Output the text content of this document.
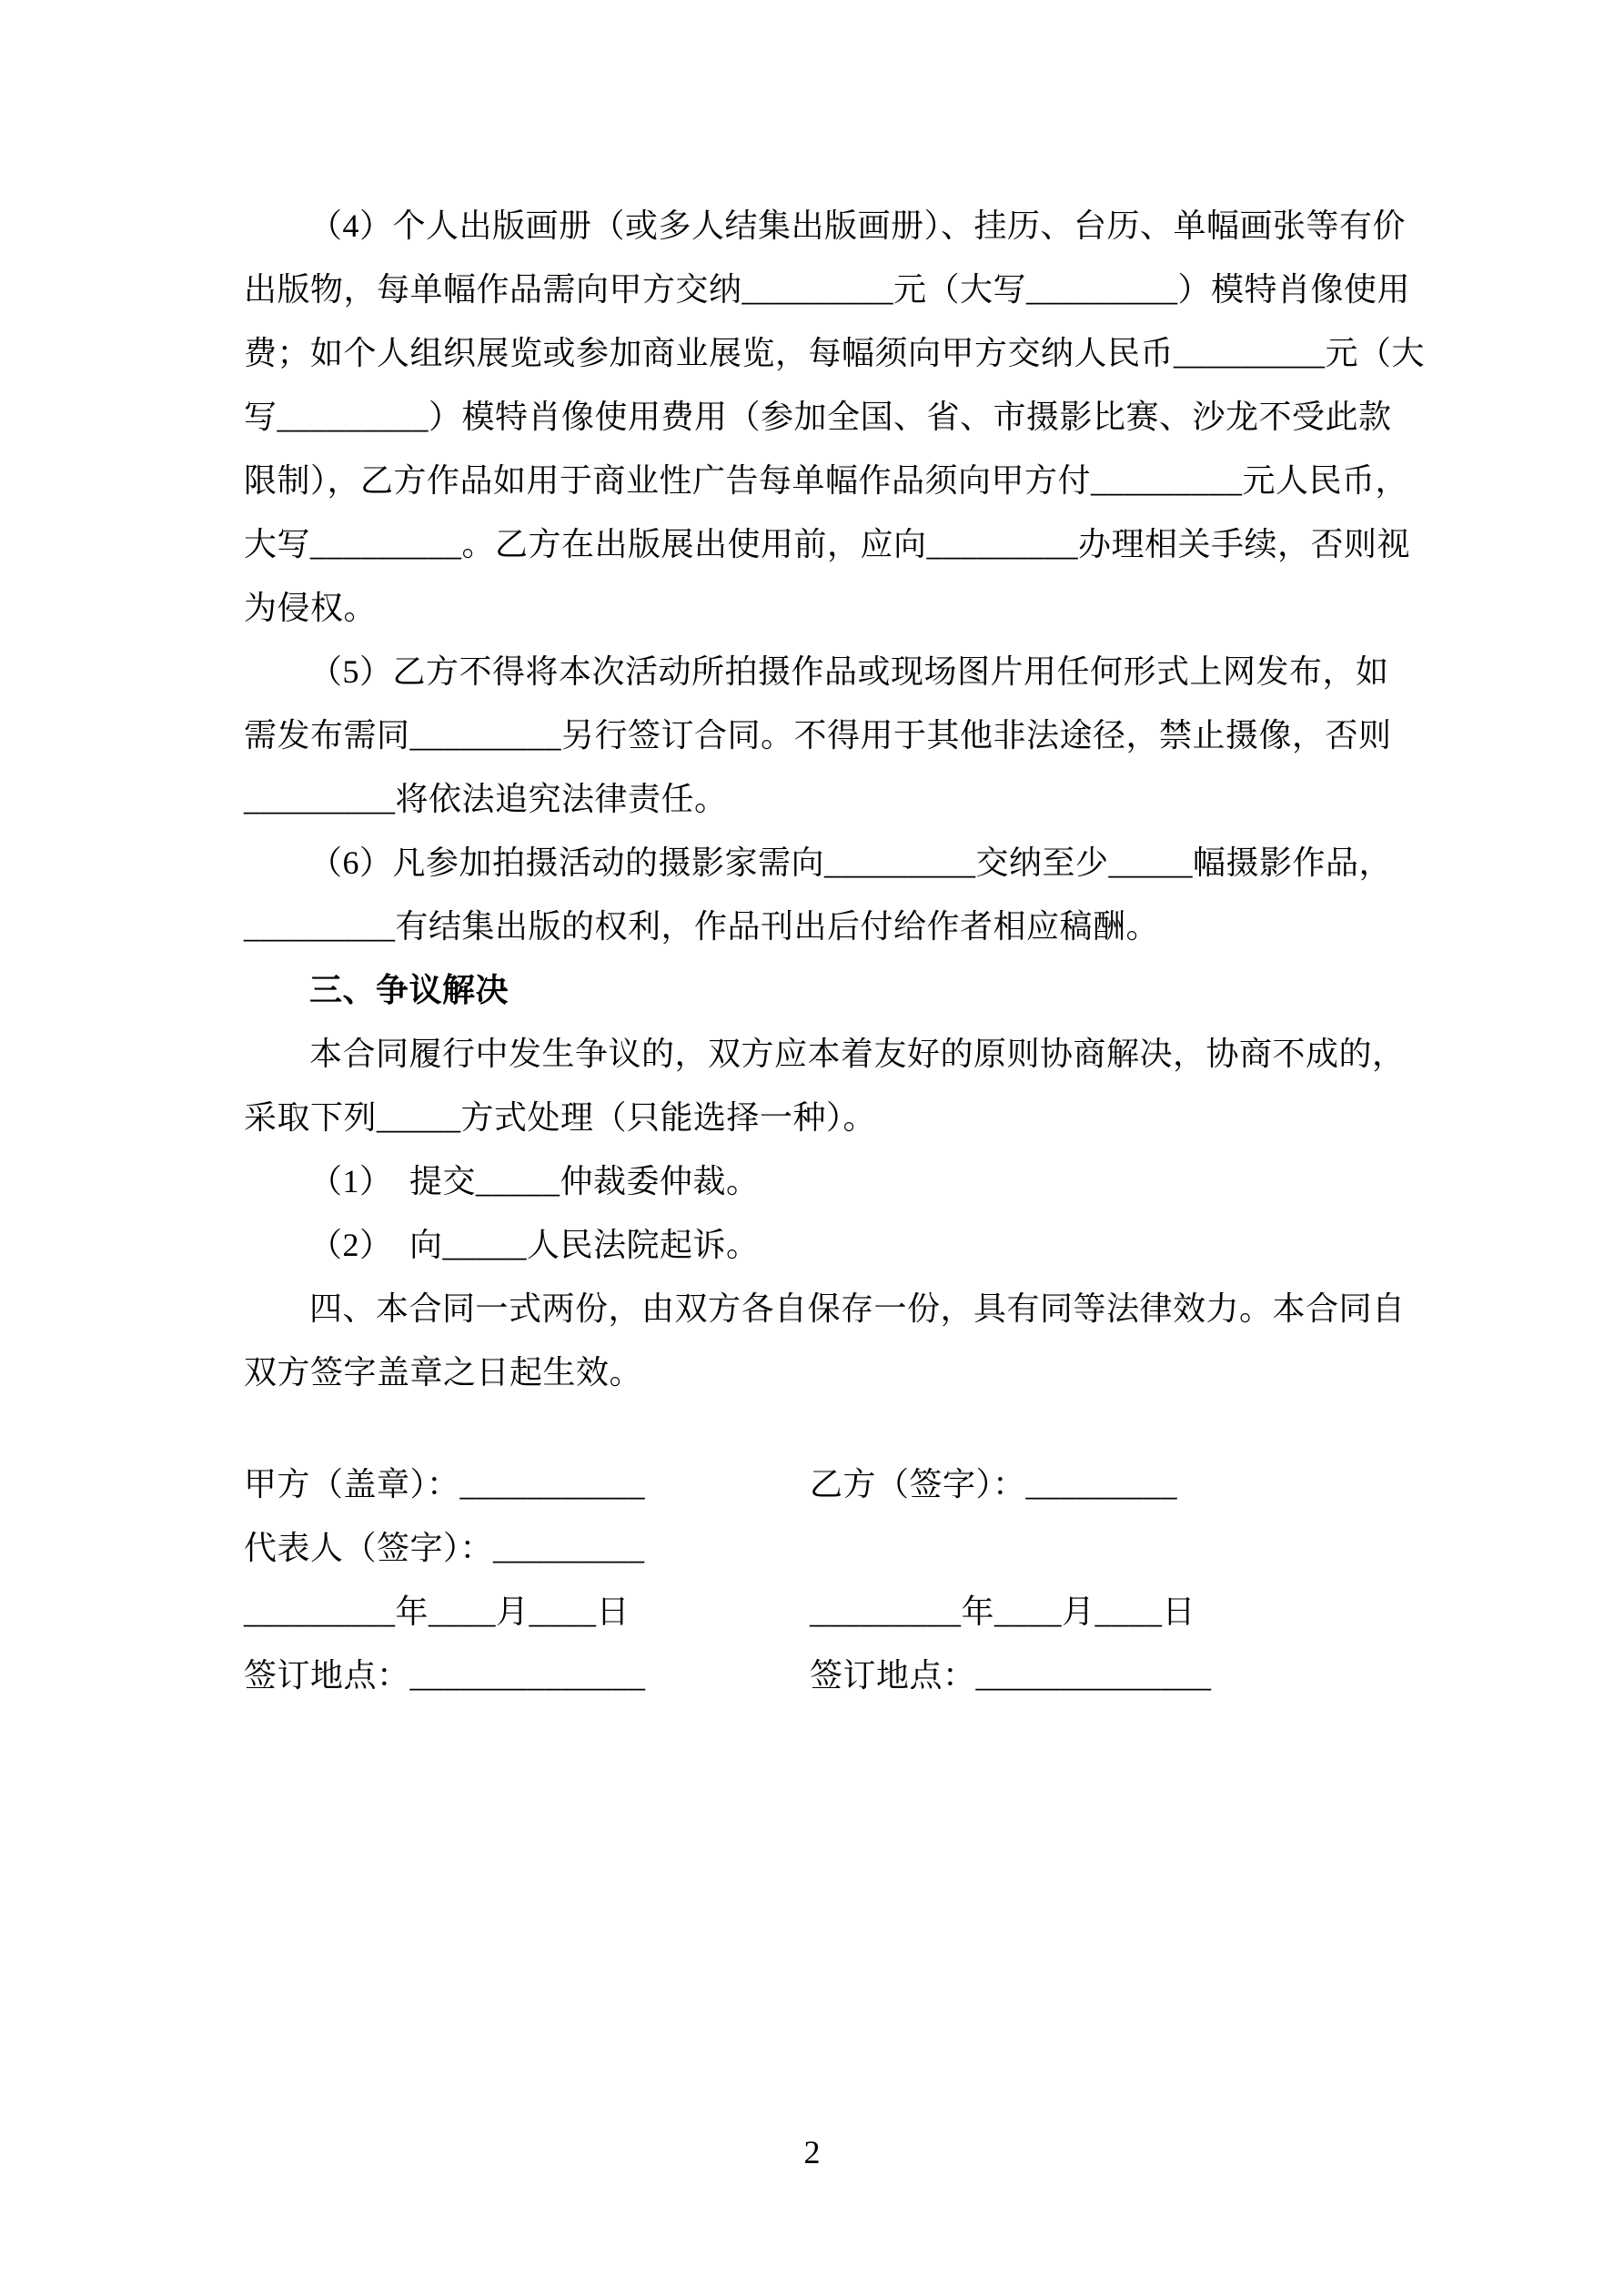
（4）个人出版画册（或多人结集出版画册）、挂历、台历、单幅画张等有价
出版物，每单幅作品需向甲方交纳_________元（大写_________）模特肖像使用
费；如个人组织展览或参加商业展览，每幅须向甲方交纳人民币_________元（大
写_________）模特肖像使用费用（参加全国、省、市摄影比赛、沙龙不受此款
限制），乙方作品如用于商业性广告每单幅作品须向甲方付_________元人民币，
大写_________。乙方在出版展出使用前，应向_________办理相关手续，否则视
为侵权。
（5）乙方不得将本次活动所拍摄作品或现场图片用任何形式上网发布，如
需发布需同_________另行签订合同。不得用于其他非法途径，禁止摄像，否则
_________将依法追究法律责任。
（6）凡参加拍摄活动的摄影家需向_________交纳至少_____幅摄影作品，
_________有结集出版的权利，作品刊出后付给作者相应稿酬。
三、争议解决
本合同履行中发生争议的，双方应本着友好的原则协商解决，协商不成的，
采取下列_____方式处理（只能选择一种）。
（1）　提交_____仲裁委仲裁。
（2）　向_____人民法院起诉。
四、本合同一式两份，由双方各自保存一份，具有同等法律效力。本合同自
双方签字盖章之日起生效。
甲方（盖章）：___________	乙方（签字）：_________
代表人（签字）：_________
_________年____月____日	_________年____月____日
签订地点：______________	签订地点：______________
2
